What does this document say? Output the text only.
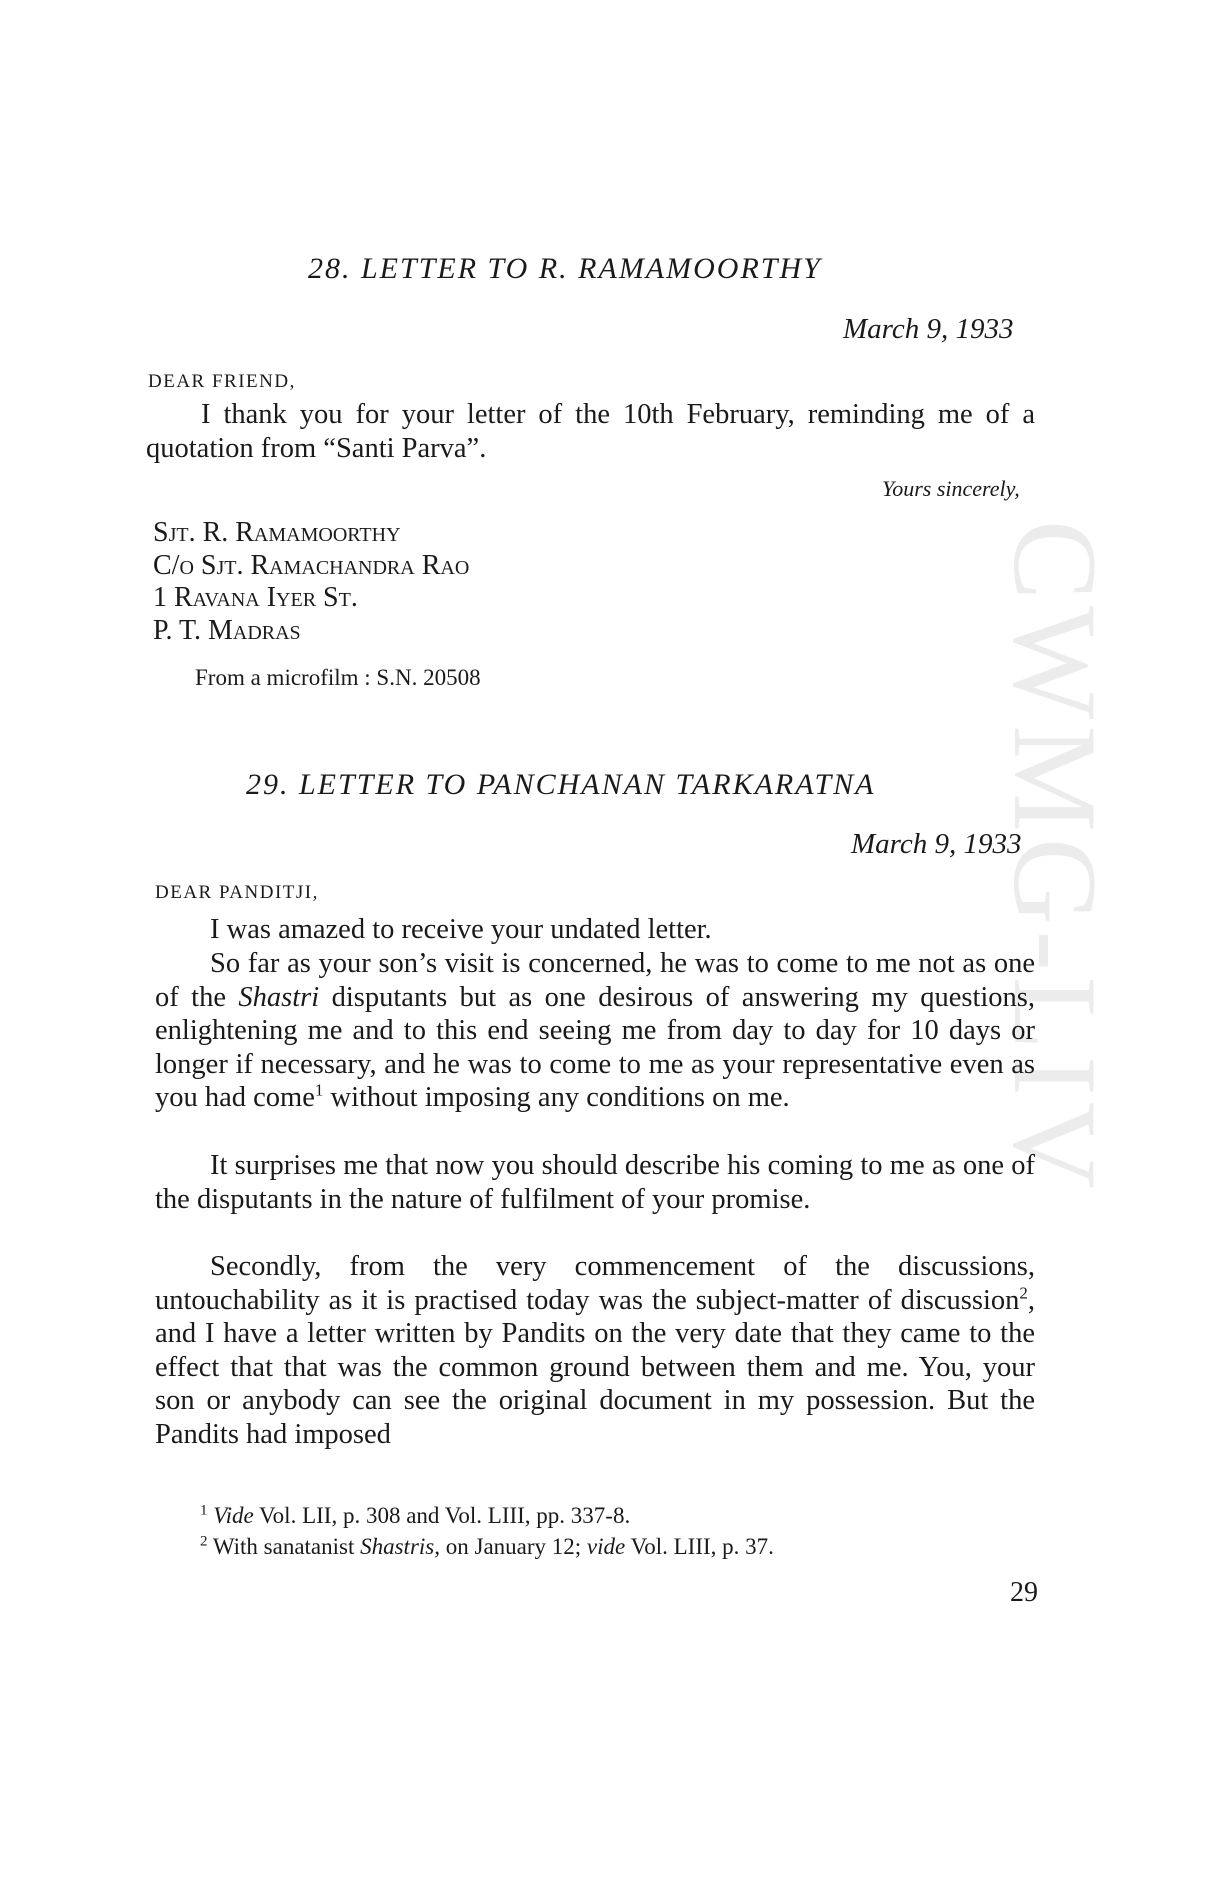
CWMG-LIV
28. LETTER TO R. RAMAMOORTHY
March 9, 1933
DEAR FRIEND,

I thank you for your letter of the 10th February, reminding me of a quotation from “Santi Parva”.

Yours sincerely,
Sjt. R. Ramamoorthy
C/o Sjt. Ramachandra Rao
1 Ravana Iyer St.
P. T. Madras
From a microfilm : S.N. 20508
29. LETTER TO PANCHANAN TARKARATNA
March 9, 1933
DEAR PANDITJI,

I was amazed to receive your undated letter.

So far as your son’s visit is concerned, he was to come to me not as one of the Shastri disputants but as one desirous of answering my questions, enlightening me and to this end seeing me from day to day for 10 days or longer if necessary, and he was to come to me as your representative even as you had come$^1$ without imposing any conditions on me.

It surprises me that now you should describe his coming to me as one of the disputants in the nature of fulfilment of your promise.

Secondly, from the very commencement of the discussions, untouchability as it is practised today was the subject-matter of discussion$^2$, and I have a letter written by Pandits on the very date that they came to the effect that that was the common ground between them and me. You, your son or anybody can see the original document in my possession. But the Pandits had imposed

$^1$ Vide Vol. LII, p. 308 and Vol. LIII, pp. 337-8.
$^2$ With sanatanist Shastris, on January 12; vide Vol. LIII, p. 37.
29
